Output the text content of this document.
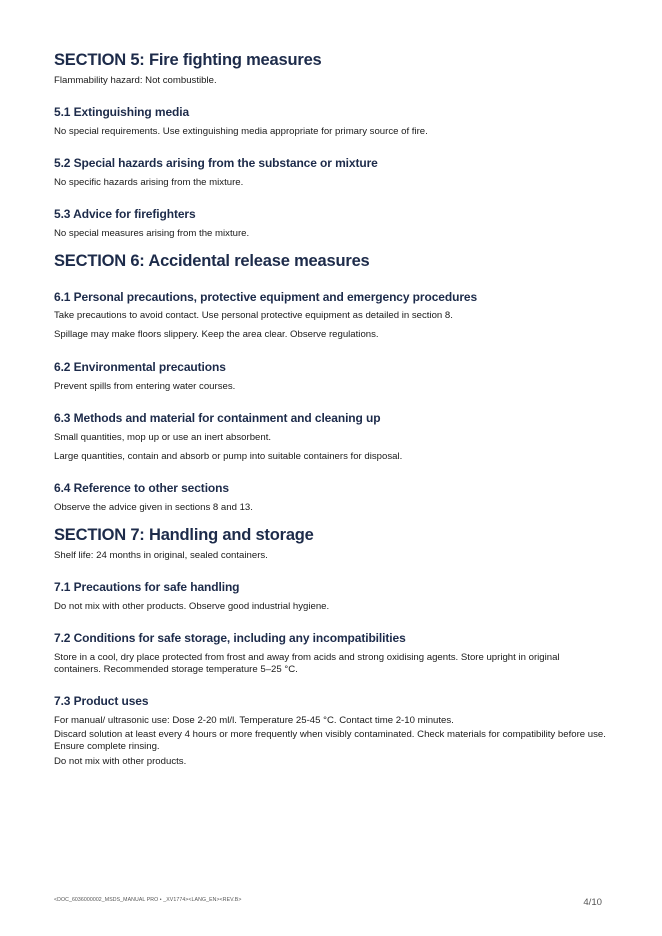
SECTION 5: Fire fighting measures

Flammability hazard: Not combustible.

5.1 Extinguishing media

No special requirements. Use extinguishing media appropriate for primary source of fire.

5.2 Special hazards arising from the substance or mixture

No specific hazards arising from the mixture.

5.3 Advice for firefighters

No special measures arising from the mixture.

SECTION 6: Accidental release measures
6.1 Personal precautions, protective equipment and emergency procedures

Take precautions to avoid contact. Use personal protective equipment as detailed in section 8.

Spillage may make floors slippery. Keep the area clear. Observe regulations.

6.2 Environmental precautions

Prevent spills from entering water courses.

6.3 Methods and material for containment and cleaning up

Small quantities, mop up or use an inert absorbent.

Large quantities, contain and absorb or pump into suitable containers for disposal.

6.4 Reference to other sections

Observe the advice given in sections 8 and 13.

SECTION 7: Handling and storage

Shelf life: 24 months in original, sealed containers.

7.1 Precautions for safe handling

Do not mix with other products. Observe good industrial hygiene.

7.2 Conditions for safe storage, including any incompatibilities

Store in a cool, dry place protected from frost and away from acids and strong oxidising agents. Store upright in original containers. Recommended storage temperature 5–25 °C.

7.3 Product uses

For manual/ ultrasonic use: Dose 2-20 ml/l. Temperature 25-45 °C. Contact time 2-10 minutes.

Discard solution at least every 4 hours or more frequently when visibly contaminated. Check materials for compatibility before use. Ensure complete rinsing.

Do not mix with other products.

<DOC_6036000002_MSDS_MANUAL PRO • _XV1774><LANG_EN><REV.B>	4/10
